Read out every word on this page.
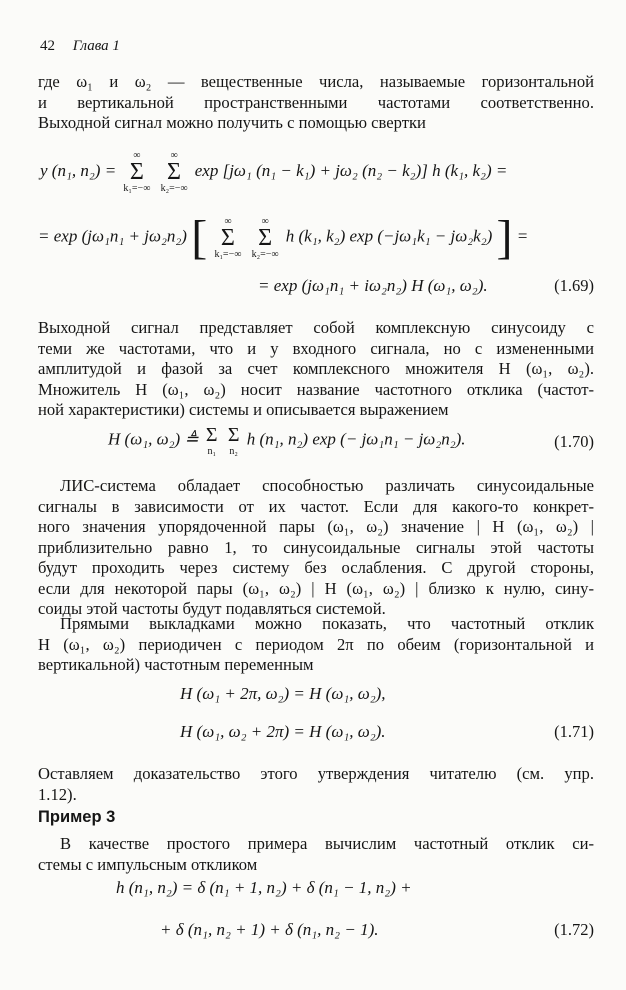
42 Глава 1
где ω₁ и ω₂ — вещественные числа, называемые горизонтальной
и вертикальной пространственными частотами соответственно.
Выходной сигнал можно получить с помощью свертки
y (n₁, n₂) =
∞
Σ
k₁=−∞

∞
Σ
k₂=−∞
exp [jω₁ (n₁ − k₁) + jω₂ (n₂ − k₂)] h (k₁, k₂) =
= exp (jω₁n₁ + jω₂n₂) [	∞
Σ
k₁=−∞

∞
Σ
k₂=−∞
h (k₁, k₂) exp (−jω₁k₁ − jω₂k₂) ] =
= exp (jω₁n₁ + iω₂n₂) H (ω₁, ω₂).	(1.69)
Выходной сигнал представляет собой комплексную синусоиду с
теми же частотами, что и у входного сигнала, но с измененными
амплитудой и фазой за счет комплексного множителя H (ω₁, ω₂).
Множитель H (ω₁, ω₂) носит название частотного отклика (частот-
ной характеристики) системы и описывается выражением
H (ω₁, ω₂) ≜ Σ
n₁

Σ
n₂
h (n₁, n₂) exp (− jω₁n₁ − jω₂n₂).	(1.70)
ЛИС-система обладает способностью различать синусоидальные
сигналы в зависимости от их частот. Если для какого-то конкрет-
ного значения упорядоченной пары (ω₁, ω₂) значение | H (ω₁, ω₂) |
приблизительно равно 1, то синусоидальные сигналы этой частоты
будут проходить через систему без ослабления. С другой стороны,
если для некоторой пары (ω₁, ω₂) | H (ω₁, ω₂) | близко к нулю, сину-
соиды этой частоты будут подавляться системой.
Прямыми выкладками можно показать, что частотный отклик
H (ω₁, ω₂) периодичен с периодом 2π по обеим (горизонтальной и
вертикальной) частотным переменным
H (ω₁ + 2π, ω₂) = H (ω₁, ω₂),
H (ω₁, ω₂ + 2π) = H (ω₁, ω₂).	(1.71)
Оставляем доказательство этого утверждения читателю (см. упр.
1.12).
Пример 3
В качестве простого примера вычислим частотный отклик си-
стемы с импульсным откликом
h (n₁, n₂) = δ (n₁ + 1, n₂) + δ (n₁ − 1, n₂) +
+ δ (n₁, n₂ + 1) + δ (n₁, n₂ − 1).	(1.72)
